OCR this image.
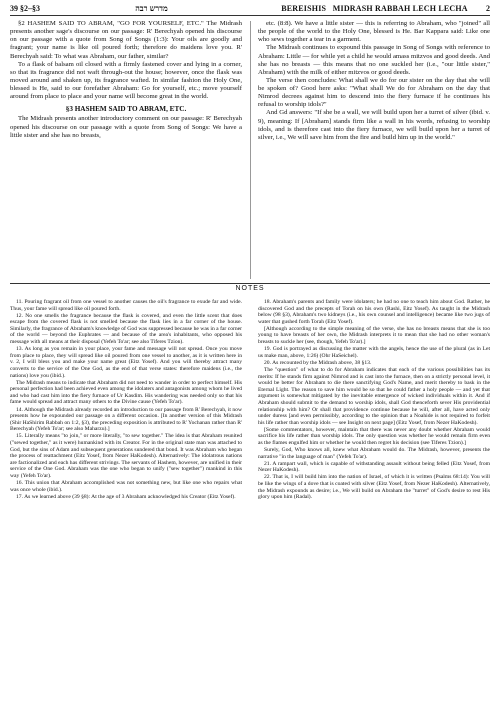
39 §2–§3	מדרש רבה	BEREISHIS MIDRASH RABBAH LECH LECHA	2

§2 HASHEM SAID TO ABRAM, "GO FOR YOURSELF, ETC." The Midrash presents another sage's discourse on our passage: R' Berechyah opened his discourse on our passage with a quote from Song of Songs (1:3): Your oils are goodly and fragrant; your name is like oil poured forth; therefore do maidens love you. R' Berechyah said: To what was Abraham, our father, similar?

To a flask of balsam oil closed with a firmly fastened cover and lying in a corner, so that its fragrance did not waft through-out the house; however, once the flask was moved around and shaken up, its fragrance wafted. In similar fashion the Holy One, blessed is He, said to our forefather Abraham: Go for yourself, etc.; move yourself around from place to place and your name will become great in the world.

§3 HASHEM SAID TO ABRAM, ETC.

The Midrash presents another introductory comment on our passage: R' Berechyah opened his discourse on our passage with a quote from Song of Songs: We have a little sister and she has no breasts,

etc. (8:8). We have a little sister — this is referring to Abraham, who "joined" all the people of the world to the Holy One, blessed is He. Bar Kappara said: Like one who sews together a tear in a garment.

The Midrash continues to expound this passage in Song of Songs with reference to Abraham: Little — for while yet a child he would amass mitzvos and good deeds. And she has no breasts — this means that no one suckled her (i.e., "our little sister," Abraham) with the milk of either mitzvos or good deeds.

The verse then concludes: What shall we do for our sister on the day that she will be spoken of? Good here asks: "What shall We do for Abraham on the day that Nimrod decrees against him to descend into the fiery furnace if he continues his refusal to worship idols?"

And Gd answers: "If she be a wall, we will build upon her a turret of silver (ibid. v. 9), meaning: If [Abraham] stands firm like a wall in his words, refusing to worship idols, and is therefore cast into the fiery furnace, we will build upon her a turret of silver, i.e., We will save him from the fire and build him up in the world."

NOTES

11. Pouring fragrant oil from one vessel to another causes the oil's fragrance to exude far and wide. Thus, your fame will spread like oil poured forth.

12. No one smells the fragrance because the flask is covered, and even the little scent that does escape from the covered flask is not smelled because the flask lies in a far corner of the house. Similarly, the fragrance of Abraham's knowledge of God was suppressed because he was in a far corner of the world — beyond the Euphrates — and because of the area's inhabitants, who opposed his message with all means at their disposal (Yefeh To'ar; see also Tiferes Tzion).

13. As long as you remain in your place, your fame and message will not spread. Once you move from place to place, they will spread like oil poured from one vessel to another, as it is written here in v. 2, I will bless you and make your name great (Eitz Yosef). And you will thereby attract many converts to the service of the One God, as the end of that verse states: therefore maidens (i.e., the nations) love you (ibid.).

The Midrash means to indicate that Abraham did not need to wander in order to perfect himself. His personal perfection had been achieved even among the idolaters and antagonists among whom he lived and who had cast him into the fiery furnace of Ur Kasdim. His wandering was needed only so that his fame would spread and attract many others to the Divine cause (Yefeh To'ar).

14. Although the Midrash already recorded an introduction to our passage from R' Berechyah, it now presents how he expounded our passage on a different occasion. [In another version of this Midrash (Shir HaShirim Rabbah on 1:2, §3), the preceding exposition is attributed to R' Yochanan rather than R' Berechyah (Yefeh To'ar; see also Maharzu).]

15. Literally means "to join," or more literally, "to sew together." The idea is that Abraham reunited ("sewed together," as it were) humankind with its Creator. For in the original state man was attached to God, but the sins of Adam and subsequent generations sundered that bond. It was Abraham who began the process of reattachment (Eitz Yosef, from Nezer HaKodesh). Alternatively: The idolatrous nations are factionalized and each has different strivings. The servants of Hashem, however, are unified in their service of the One God. Abraham was the one who began to unify ("sew together") mankind in this way (Yefeh To'ar).

16. This union that Abraham accomplished was not something new, but like one who repairs what was once whole (ibid.).

17. As we learned above (39 §8): At the age of 3 Abraham acknowledged his Creator (Eitz Yosef).

18. Abraham's parents and family were idolaters; he had no one to teach him about God. Rather, he discovered God and the precepts of Torah on his own (Rashi, Eitz Yosef). As taught in the Midrash below (98 §3), Abraham's two kidneys (i.e., his own counsel and intelligence) became like two jugs of water that gushed forth Torah (Eitz Yosef).

[Although according to the simple meaning of the verse, she has no breasts means that she is too young to have breasts of her own, the Midrash interprets it to mean that she had no other woman's breasts to suckle her (see, though, Yefeh To'ar).]

19. God is portrayed as discussing the matter with the angels, hence the use of the plural (as in Let us make man, above, 1:26) (Ohr HaSeichel).

20. As recounted by the Midrash above, 38 §13.

The "question" of what to do for Abraham indicates that each of the various possibilities has its merits: If he stands firm against Nimrod and is cast into the furnace, then on a strictly personal level, it would be better for Abraham to die there sanctifying God's Name, and merit thereby to bask in the Eternal Light. The reason to save him would be so that he could father a holy people — and yet that argument is somewhat mitigated by the inevitable emergence of wicked individuals within it. And if Abraham should submit to the demand to worship idols, shall God thenceforth sever His providential relationship with him? Or shall that providence continue because he will, after all, have acted only under duress [and even permissibly, according to the opinion that a Noahide is not required to forfeit his life rather than worship idols — see Insight on next page] (Eitz Yosef, from Nezer HaKodesh).

[Some commentators, however, maintain that there was never any doubt whether Abraham would sacrifice his life rather than worship idols. The only question was whether he would remain firm even as the flames engulfed him or whether he would then regret his decision (see Tiferes Tzion).]

Surely, God, Who knows all, knew what Abraham would do. The Midrash, however, presents the narrative "in the language of man" (Yefeh To'ar).

21. A rampart wall, which is capable of withstanding assault without being felled (Eitz Yosef, from Nezer HaKodesh).

22. That is, I will build him into the nation of Israel, of which it is written (Psalms 68:14): You will be like the wings of a dove that is coated with silver (Eitz Yosef, from Nezer HaKodesh). Alternatively, the Midrash expounds as desire; i.e., We will build on Abraham the "turret" of God's desire to rest His glory upon him (Radal).
